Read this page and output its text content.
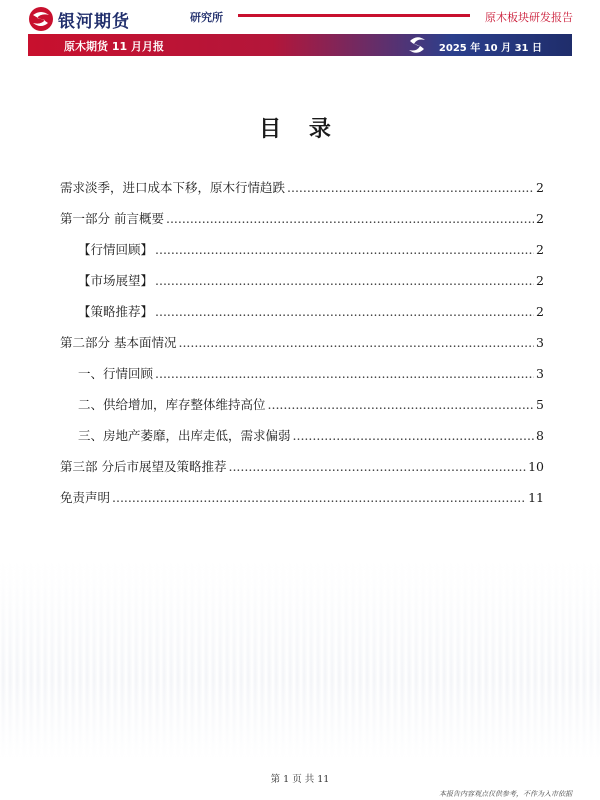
银河期货	研究所	原木板块研发报告
原木期货 11 月月报	2025 年 10 月 31 日
目 录
需求淡季，进口成本下移，原木行情趋跌 .....	2
第一部分 前言概要 .....	2
【行情回顾】 .....	2
【市场展望】 .....	2
【策略推荐】 .....	2
第二部分 基本面情况 .....	3
一、行情回顾 .....	3
二、供给增加，库存整体维持高位 .....	5
三、房地产萎靡，出库走低，需求偏弱 .....	8
第三部 分后市展望及策略推荐 .....	10
免责声明 .....	11
第 1 页 共 11
本报告内容观点仅供参考，不作为入市依据
